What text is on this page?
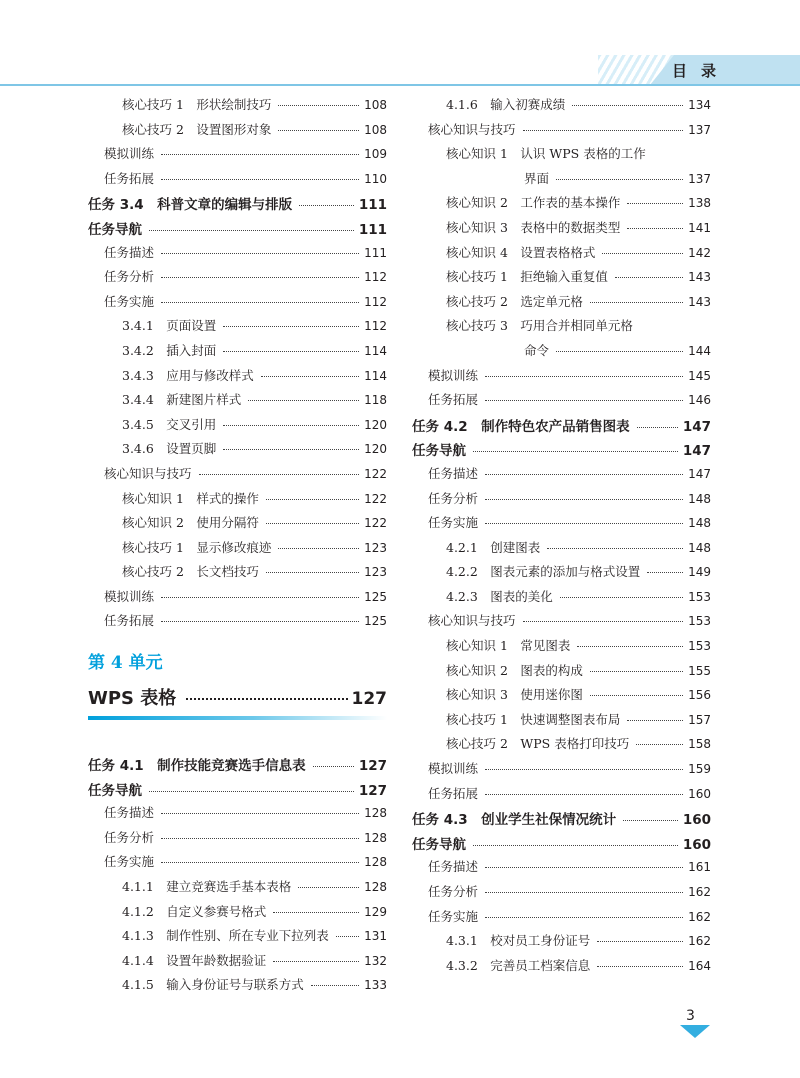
目录
核心技巧 1　形状绘制技巧	108
核心技巧 2　设置图形对象	108
模拟训练	109
任务拓展	110
任务 3.4　科普文章的编辑与排版	111
任务导航	111
任务描述	111
任务分析	112
任务实施	112
3.4.1　页面设置	112
3.4.2　插入封面	114
3.4.3　应用与修改样式	114
3.4.4　新建图片样式	118
3.4.5　交叉引用	120
3.4.6　设置页脚	120
核心知识与技巧	122
核心知识 1　样式的操作	122
核心知识 2　使用分隔符	122
核心技巧 1　显示修改痕迹	123
核心技巧 2　长文档技巧	123
模拟训练	125
任务拓展	125
第 4 单元
WPS 表格	127
任务 4.1　制作技能竞赛选手信息表	127
任务导航	127
任务描述	128
任务分析	128
任务实施	128
4.1.1　建立竞赛选手基本表格	128
4.1.2　自定义参赛号格式	129
4.1.3　制作性别、所在专业下拉列表	131
4.1.4　设置年龄数据验证	132
4.1.5　输入身份证号与联系方式	133
4.1.6　输入初赛成绩	134
核心知识与技巧	137
核心知识 1　认识 WPS 表格的工作
界面	137
核心知识 2　工作表的基本操作	138
核心知识 3　表格中的数据类型	141
核心知识 4　设置表格格式	142
核心技巧 1　拒绝输入重复值	143
核心技巧 2　选定单元格	143
核心技巧 3　巧用合并相同单元格
命令	144
模拟训练	145
任务拓展	146
任务 4.2　制作特色农产品销售图表	147
任务导航	147
任务描述	147
任务分析	148
任务实施	148
4.2.1　创建图表	148
4.2.2　图表元素的添加与格式设置	149
4.2.3　图表的美化	153
核心知识与技巧	153
核心知识 1　常见图表	153
核心知识 2　图表的构成	155
核心知识 3　使用迷你图	156
核心技巧 1　快速调整图表布局	157
核心技巧 2　WPS 表格打印技巧	158
模拟训练	159
任务拓展	160
任务 4.3　创业学生社保情况统计	160
任务导航	160
任务描述	161
任务分析	162
任务实施	162
4.3.1　校对员工身份证号	162
4.3.2　完善员工档案信息	164
3
